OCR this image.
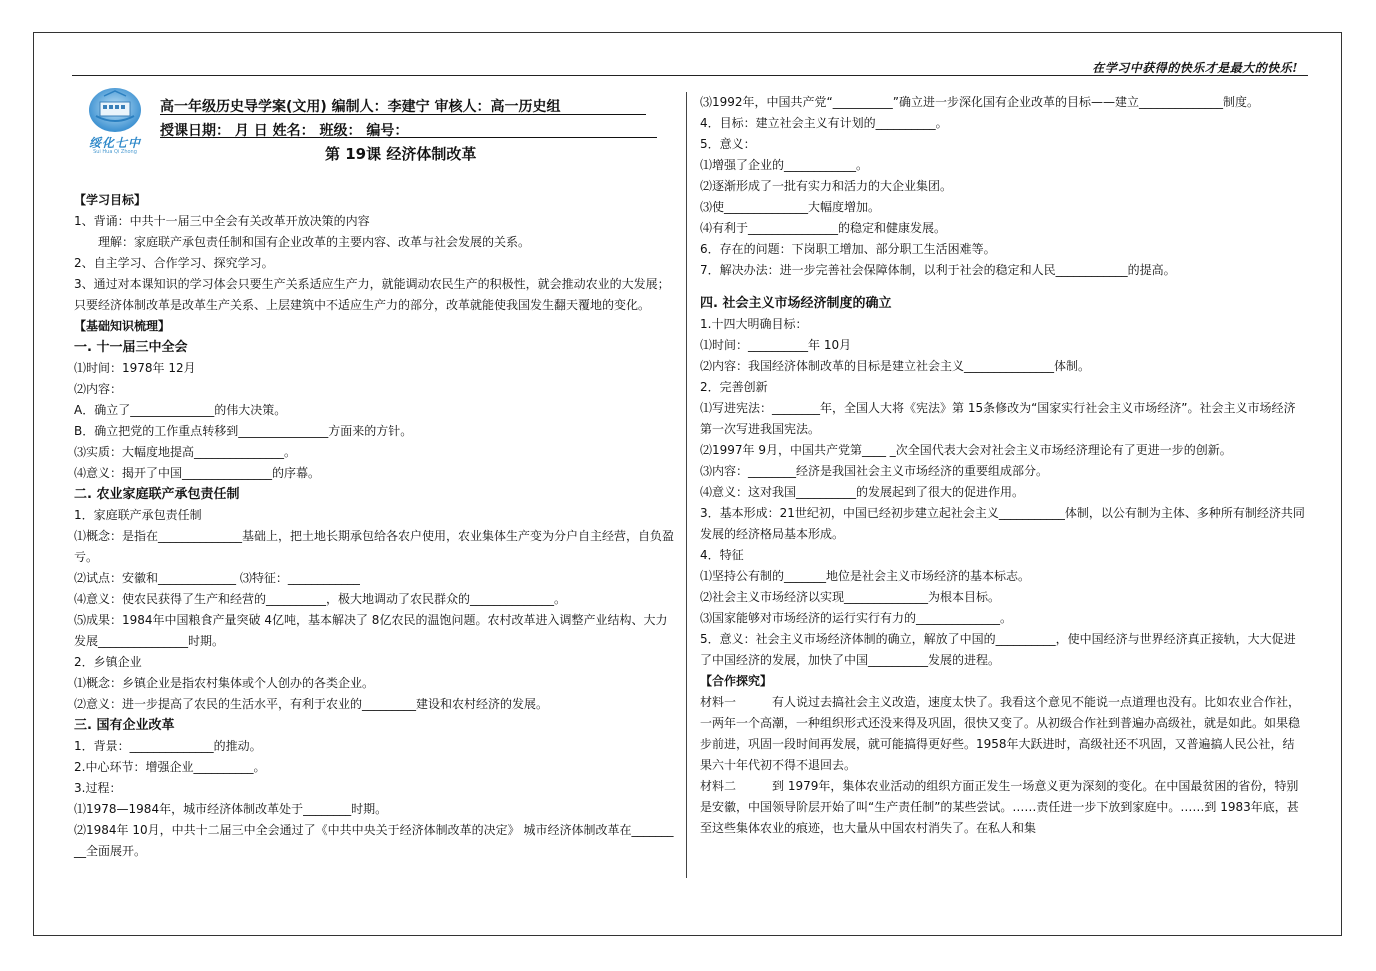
在学习中获得的快乐才是最大的快乐!
绥化七中
Sui Hua Qi Zhong
高一年级历史导学案(文用) 编制人：李建宁 审核人：高一历史组
授课日期： 月 日 姓名： 班级： 编号：
第 19课 经济体制改革
【学习目标】
1、背诵：中共十一届三中全会有关改革开放决策的内容
　　理解：家庭联产承包责任制和国有企业改革的主要内容、改革与社会发展的关系。
2、自主学习、合作学习、探究学习。
3、通过对本课知识的学习体会只要生产关系适应生产力，就能调动农民生产的积极性，就会推动农业的大发展；只要经济体制改革是改革生产关系、上层建筑中不适应生产力的部分，改革就能使我国发生翻天覆地的变化。
【基础知识梳理】
一. 十一届三中全会
⑴时间：1978年 12月
⑵内容：
A．确立了______________的伟大决策。
B．确立把党的工作重点转移到_______________方面来的方针。
⑶实质：大幅度地提高_______________。
⑷意义：揭开了中国_______________的序幕。
二. 农业家庭联产承包责任制
1．家庭联产承包责任制
⑴概念：是指在______________基础上，把土地长期承包给各农户使用，农业集体生产变为分户自主经营，自负盈亏。
⑵试点：安徽和_____________ ⑶特征：____________
⑷意义：使农民获得了生产和经营的__________，极大地调动了农民群众的______________。
⑸成果：1984年中国粮食产量突破 4亿吨，基本解决了 8亿农民的温饱问题。农村改革进入调整产业结构、大力发展_______________时期。
2．乡镇企业
⑴概念：乡镇企业是指农村集体或个人创办的各类企业。
⑵意义：进一步提高了农民的生活水平，有利于农业的_________建设和农村经济的发展。
三. 国有企业改革
1．背景：______________的推动。
2.中心环节：增强企业__________。
3.过程：
⑴1978—1984年，城市经济体制改革处于________时期。
⑵1984年 10月，中共十二届三中全会通过了《中共中央关于经济体制改革的决定》 城市经济体制改革在_________全面展开。
⑶1992年，中国共产党“__________”确立进一步深化国有企业改革的目标——建立______________制度。
4．目标：建立社会主义有计划的__________。
5．意义：
⑴增强了企业的____________。
⑵逐渐形成了一批有实力和活力的大企业集团。
⑶使______________大幅度增加。
⑷有利于_______________的稳定和健康发展。
6．存在的问题：下岗职工增加、部分职工生活困难等。
7．解决办法：进一步完善社会保障体制，以利于社会的稳定和人民____________的提高。
四. 社会主义市场经济制度的确立
1.十四大明确目标：
⑴时间：__________年 10月
⑵内容：我国经济体制改革的目标是建立社会主义_______________体制。
2．完善创新
⑴写进宪法：________年，全国人大将《宪法》第 15条修改为“国家实行社会主义市场经济”。社会主义市场经济第一次写进我国宪法。
⑵1997年 9月，中国共产党第____ _次全国代表大会对社会主义市场经济理论有了更进一步的创新。
⑶内容：________经济是我国社会主义市场经济的重要组成部分。
⑷意义：这对我国__________的发展起到了很大的促进作用。
3．基本形成：21世纪初，中国已经初步建立起社会主义___________体制，以公有制为主体、多种所有制经济共同发展的经济格局基本形成。
4．特征
⑴坚持公有制的_______地位是社会主义市场经济的基本标志。
⑵社会主义市场经济以实现______________为根本目标。
⑶国家能够对市场经济的运行实行有力的______________。
5．意义：社会主义市场经济体制的确立，解放了中国的__________，使中国经济与世界经济真正接轨，大大促进了中国经济的发展，加快了中国__________发展的进程。
【合作探究】
材料一　　　有人说过去搞社会主义改造，速度太快了。我看这个意见不能说一点道理也没有。比如农业合作社，一两年一个高潮，一种组织形式还没来得及巩固，很快又变了。从初级合作社到普遍办高级社，就是如此。如果稳步前进，巩固一段时间再发展，就可能搞得更好些。1958年大跃进时，高级社还不巩固，又普遍搞人民公社，结果六十年代初不得不退回去。
材料二　　　到 1979年，集体农业活动的组织方面正发生一场意义更为深刻的变化。在中国最贫困的省份，特别是安徽，中国领导阶层开始了叫“生产责任制”的某些尝试。……责任进一步下放到家庭中。……到 1983年底，甚至这些集体农业的痕迹，也大量从中国农村消失了。在私人和集
